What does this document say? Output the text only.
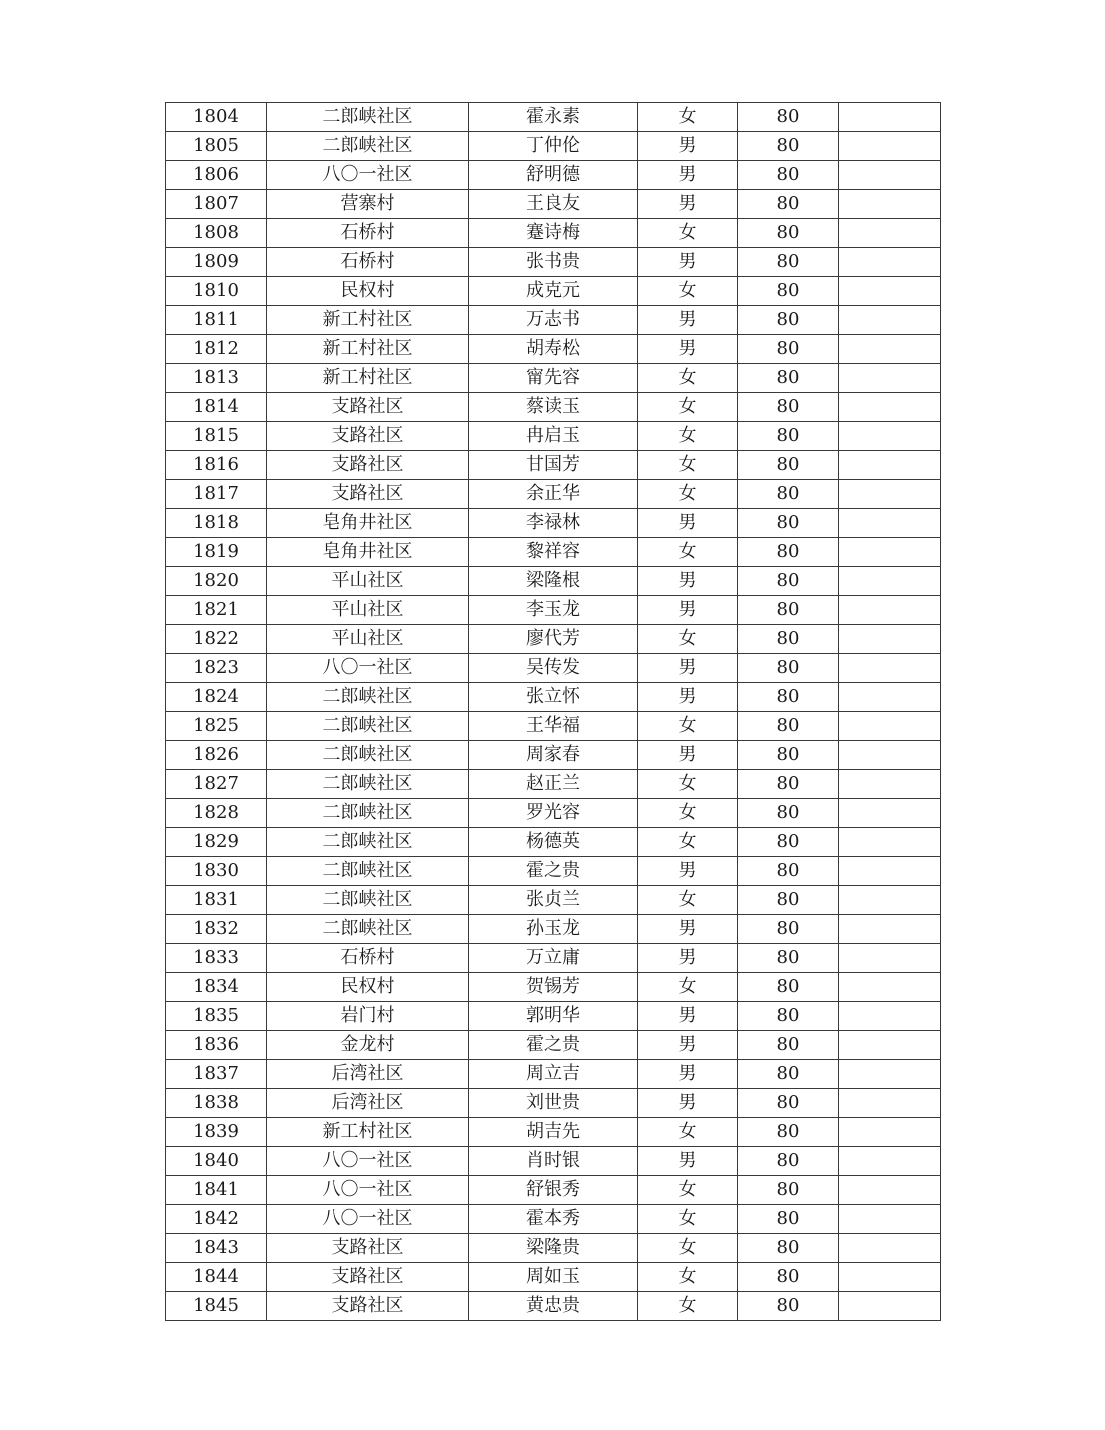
1804	二郎峡社区	霍永素	女	80	
1805	二郎峡社区	丁仲伦	男	80	
1806	八〇一社区	舒明德	男	80	
1807	营寨村	王良友	男	80	
1808	石桥村	蹇诗梅	女	80	
1809	石桥村	张书贵	男	80	
1810	民权村	成克元	女	80	
1811	新工村社区	万志书	男	80	
1812	新工村社区	胡寿松	男	80	
1813	新工村社区	甯先容	女	80	
1814	支路社区	蔡读玉	女	80	
1815	支路社区	冉启玉	女	80	
1816	支路社区	甘国芳	女	80	
1817	支路社区	余正华	女	80	
1818	皂角井社区	李禄林	男	80	
1819	皂角井社区	黎祥容	女	80	
1820	平山社区	梁隆根	男	80	
1821	平山社区	李玉龙	男	80	
1822	平山社区	廖代芳	女	80	
1823	八〇一社区	吴传发	男	80	
1824	二郎峡社区	张立怀	男	80	
1825	二郎峡社区	王华福	女	80	
1826	二郎峡社区	周家春	男	80	
1827	二郎峡社区	赵正兰	女	80	
1828	二郎峡社区	罗光容	女	80	
1829	二郎峡社区	杨德英	女	80	
1830	二郎峡社区	霍之贵	男	80	
1831	二郎峡社区	张贞兰	女	80	
1832	二郎峡社区	孙玉龙	男	80	
1833	石桥村	万立庸	男	80	
1834	民权村	贺锡芳	女	80	
1835	岩门村	郭明华	男	80	
1836	金龙村	霍之贵	男	80	
1837	后湾社区	周立吉	男	80	
1838	后湾社区	刘世贵	男	80	
1839	新工村社区	胡吉先	女	80	
1840	八〇一社区	肖时银	男	80	
1841	八〇一社区	舒银秀	女	80	
1842	八〇一社区	霍本秀	女	80	
1843	支路社区	梁隆贵	女	80	
1844	支路社区	周如玉	女	80	
1845	支路社区	黄忠贵	女	80	
